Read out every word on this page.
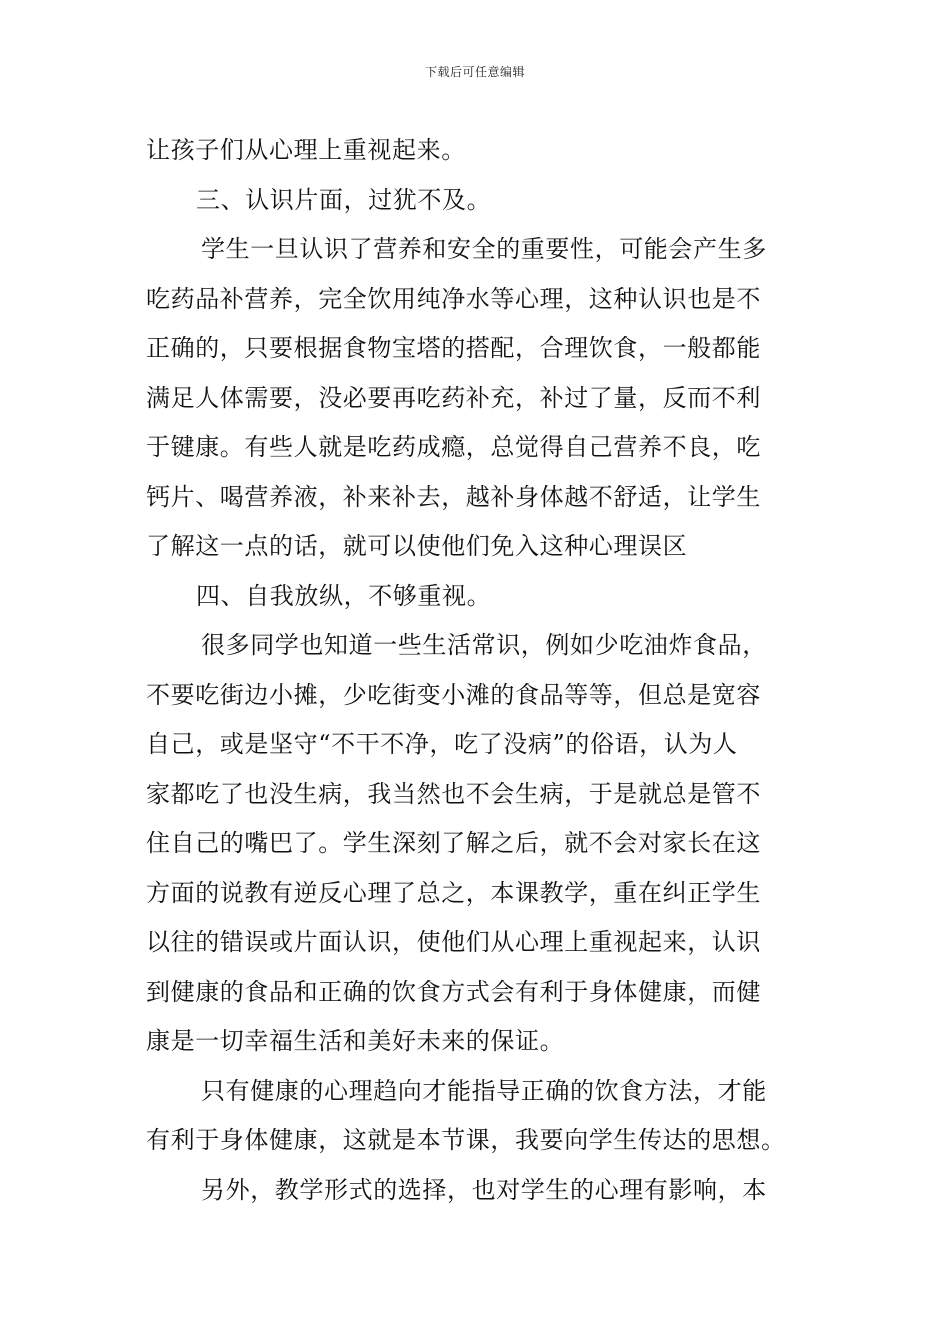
下载后可任意编辑
让孩子们从心理上重视起来。
三、认识片面，过犹不及。
学生一旦认识了营养和安全的重要性，可能会产生多
吃药品补营养，完全饮用纯净水等心理，这种认识也是不
正确的，只要根据食物宝塔的搭配，合理饮食，一般都能
满足人体需要，没必要再吃药补充，补过了量，反而不利
于键康。有些人就是吃药成瘾，总觉得自己营养不良，吃
钙片、喝营养液，补来补去，越补身体越不舒适，让学生
了解这一点的话，就可以使他们免入这种心理误区
四、自我放纵，不够重视。
很多同学也知道一些生活常识，例如少吃油炸食品，
不要吃街边小摊，少吃街变小滩的食品等等，但总是宽容
自己，或是坚守“不干不净，吃了没病”的俗语，认为人
家都吃了也没生病，我当然也不会生病，于是就总是管不
住自己的嘴巴了。学生深刻了解之后，就不会对家长在这
方面的说教有逆反心理了总之，本课教学，重在纠正学生
以往的错误或片面认识，使他们从心理上重视起来，认识
到健康的食品和正确的饮食方式会有利于身体健康，而健
康是一切幸福生活和美好未来的保证。
只有健康的心理趋向才能指导正确的饮食方法，才能
有利于身体健康，这就是本节课，我要向学生传达的思想。
另外，教学形式的选择，也对学生的心理有影响，本
